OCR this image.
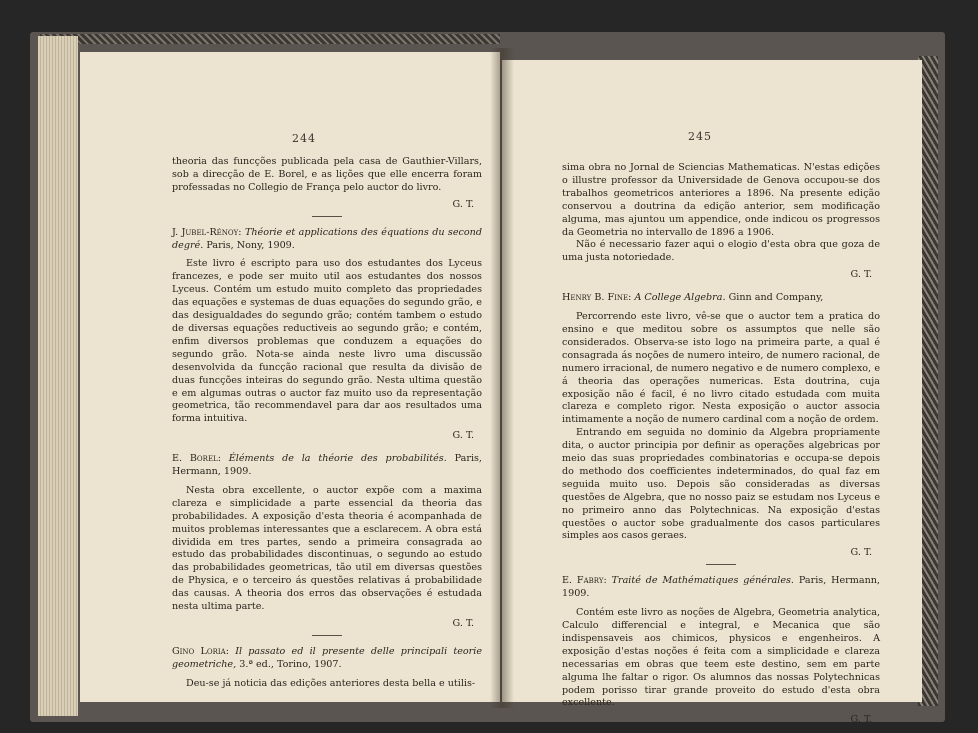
244

theoria das funcções publicada pela casa de Gauthier-Villars, sob a direcção de E. Borel, e as lições que elle encerra foram professadas no Collegio de França pelo auctor do livro.

G. T.

J. Jubel-Rénoy: Théorie et applications des équations du second degré. Paris, Nony, 1909.

Este livro é escripto para uso dos estudantes dos Lyceus francezes, e pode ser muito util aos estudantes dos nossos Lyceus. Contém um estudo muito completo das propriedades das equações e systemas de duas equações do segundo grão, e das desigualdades do segundo grão; contém tambem o estudo de diversas equações reductiveis ao segundo grão; e contém, enfim diversos problemas que conduzem a equações do segundo grão. Nota-se ainda neste livro uma discussão desenvolvida da funcção racional que resulta da divisão de duas funcções inteiras do segundo grão. Nesta ultima questão e em algumas outras o auctor faz muito uso da representação geometrica, tão recommendavel para dar aos resultados uma forma intuitiva.

G. T.

E. Borel: Éléments de la théorie des probabilités. Paris, Hermann, 1909.

Nesta obra excellente, o auctor expõe com a maxima clareza e simplicidade a parte essencial da theoria das probabilidades. A exposição d'esta theoria é acompanhada de muitos problemas interessantes que a esclarecem. A obra está dividida em tres partes, sendo a primeira consagrada ao estudo das probabilidades discontinuas, o segundo ao estudo das probabilidades geometricas, tão util em diversas questões de Physica, e o terceiro ás questões relativas á probabilidade das causas. A theoria dos erros das observações é estudada nesta ultima parte.

G. T.

Gino Loria: Il passato ed il presente delle principali teorie geometriche, 3.ª ed., Torino, 1907.

Deu-se já noticia das edições anteriores desta bella e utilis-

245

sima obra no Jornal de Sciencias Mathematicas. N'estas edições o illustre professor da Universidade de Genova occupou-se dos trabalhos geometricos anteriores a 1896. Na presente edição conservou a doutrina da edição anterior, sem modificação alguma, mas ajuntou um appendice, onde indicou os progressos da Geometria no intervallo de 1896 a 1906.

Não é necessario fazer aqui o elogio d'esta obra que goza de uma justa notoriedade.

G. T.

Henry B. Fine: A College Algebra. Ginn and Company,

Percorrendo este livro, vê-se que o auctor tem a pratica do ensino e que meditou sobre os assumptos que nelle são considerados. Observa-se isto logo na primeira parte, a qual é consagrada ás noções de numero inteiro, de numero racional, de numero irracional, de numero negativo e de numero complexo, e á theoria das operações numericas. Esta doutrina, cuja exposição não é facil, é no livro citado estudada com muita clareza e completo rigor. Nesta exposição o auctor associa intimamente a noção de numero cardinal com a noção de ordem.

Entrando em seguida no dominio da Algebra propriamente dita, o auctor principia por definir as operações algebricas por meio das suas propriedades combinatorias e occupa-se depois do methodo dos coefficientes indeterminados, do qual faz em seguida muito uso. Depois são consideradas as diversas questões de Algebra, que no nosso paiz se estudam nos Lyceus e no primeiro anno das Polytechnicas. Na exposição d'estas questões o auctor sobe gradualmente dos casos particulares simples aos casos geraes.

G. T.

E. Fabry: Traité de Mathématiques générales. Paris, Hermann, 1909.

Contém este livro as noções de Algebra, Geometria analytica, Calculo differencial e integral, e Mecanica que são indispensaveis aos chimicos, physicos e engenheiros. A exposição d'estas noções é feita com a simplicidade e clareza necessarias em obras que teem este destino, sem em parte alguma lhe faltar o rigor. Os alumnos das nossas Polytechnicas podem porisso tirar grande proveito do estudo d'esta obra excellente.

G. T.
